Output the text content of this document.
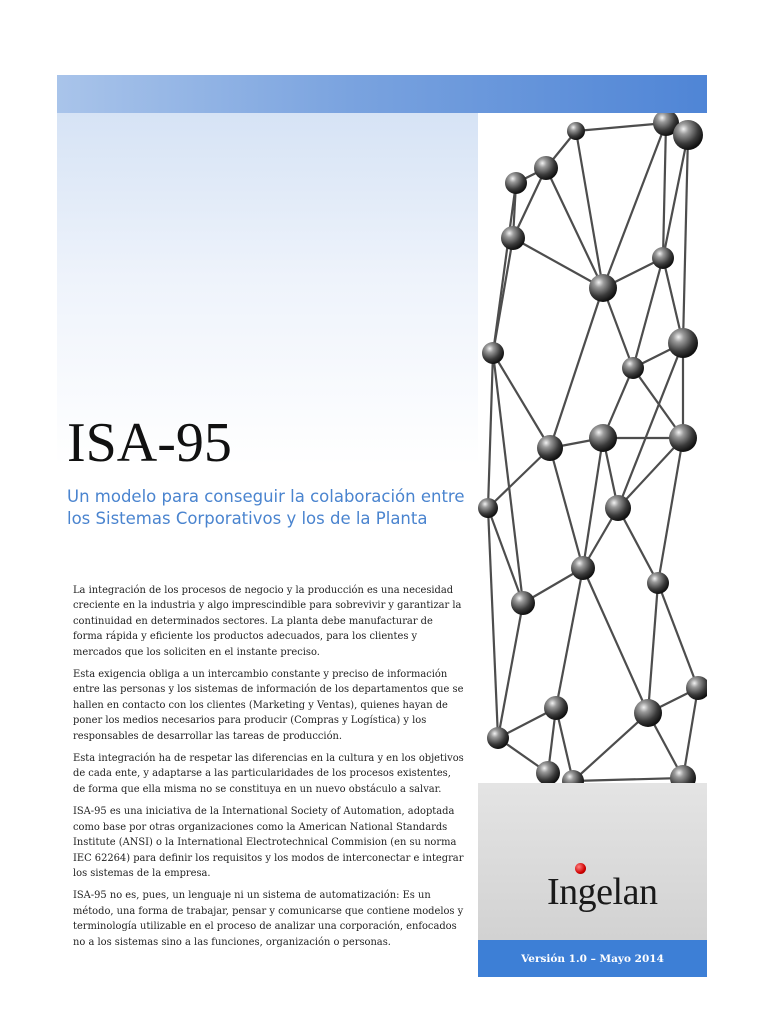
Ingelan
Versión 1.0 – Mayo 2014
ISA-95

Un modelo para conseguir la colaboración entre los Sistemas Corporativos y los de la Planta

La integración de los procesos de negocio y la producción es una necesidad creciente en la industria y algo imprescindible para sobrevivir y garantizar la continuidad en determinados sectores. La planta debe manufacturar de forma rápida y eficiente los productos adecuados, para los clientes y mercados que los soliciten en el instante preciso.

Esta exigencia obliga a un intercambio constante y preciso de información entre las personas y los sistemas de información de los departamentos que se hallen en contacto con los clientes (Marketing y Ventas), quienes hayan de poner los medios necesarios para producir (Compras y Logística) y los responsables de desarrollar las tareas de producción.

Esta integración ha de respetar las diferencias en la cultura y en los objetivos de cada ente, y adaptarse a las particularidades de los procesos existentes, de forma que ella misma no se constituya en un nuevo obstáculo a salvar.

ISA-95 es una iniciativa de la International Society of Automation, adoptada como base por otras organizaciones como la American National Standards Institute (ANSI) o la International Electrotechnical Commision (en su norma IEC 62264) para definir los requisitos y los modos de interconectar e integrar los sistemas de la empresa.

ISA-95 no es, pues, un lenguaje ni un sistema de automatización: Es un método, una forma de trabajar, pensar y comunicarse que contiene modelos y terminología utilizable en el proceso de analizar una corporación, enfocados no a los sistemas sino a las funciones, organización o personas.
